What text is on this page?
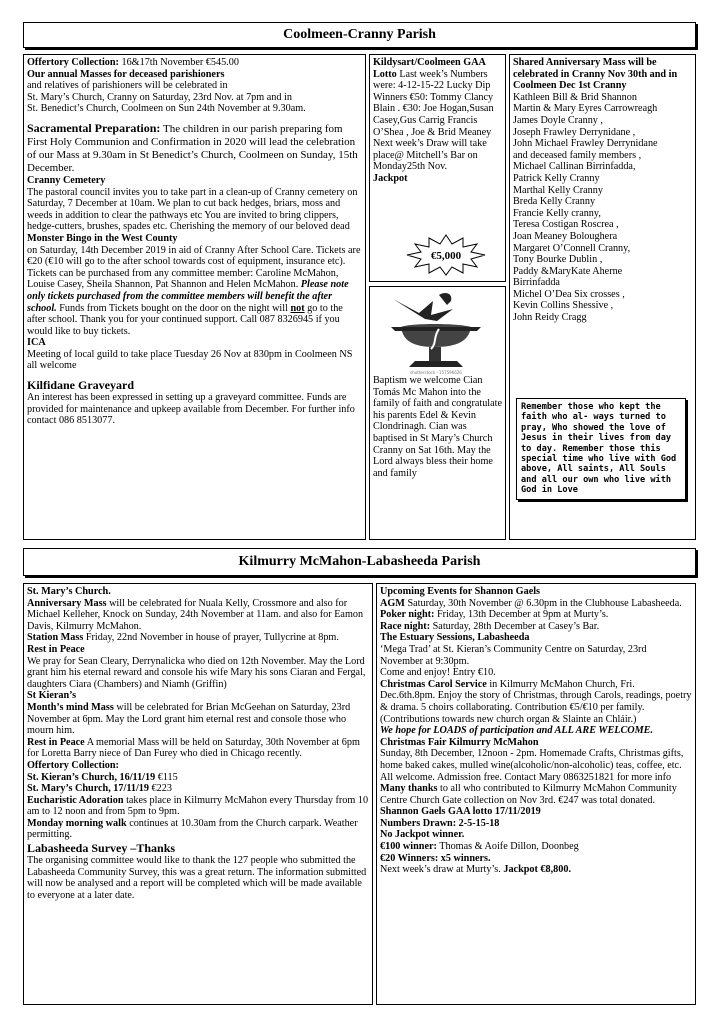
Coolmeen-Cranny Parish

Offertory Collection: 16&17th November €545.00

Our annual Masses for deceased parishioners

and relatives of parishioners will be celebrated in

St. Mary’s Church, Cranny on Saturday, 23rd Nov. at 7pm and in

St. Benedict’s Church, Coolmeen on Sun 24th November at 9.30am.

Sacramental Preparation: The children in our parish preparing fom First Holy Communion and Confirmation in 2020 will lead the celebration of our Mass at 9.30am in St Benedict’s Church, Coolmeen on Sunday, 15th December.

Cranny Cemetery

The pastoral council invites you to take part in a clean-up of Cranny cemetery on Saturday, 7 December at 10am. We plan to cut back hedges, briars, moss and weeds in addition to clear the pathways etc You are invited to bring clippers, hedge-cutters, brushes, spades etc. Cherishing the memory of our beloved dead

Monster Bingo in the West County

on Saturday, 14th December 2019 in aid of Cranny After School Care. Tickets are €20 (€10 will go to the after school towards cost of equipment, insurance etc). Tickets can be purchased from any committee member: Caroline McMahon, Louise Casey, Sheila Shannon, Pat Shannon and Helen McMahon. Please note only tickets purchased from the committee members will benefit the after school. Funds from Tickets bought on the door on the night will not go to the after school. Thank you for your continued support. Call 087 8326945 if you would like to buy tickets.

ICA

Meeting of local guild to take place Tuesday 26 Nov at 830pm in Coolmeen NS all welcome

Kilfidane Graveyard

An interest has been expressed in setting up a graveyard committee. Funds are provided for maintenance and upkeep available from December. For further info contact 086 8513077.

Kildysart/Coolmeen GAA Lotto Last week’s Numbers were: 4-12-15-22 Lucky Dip Winners €50: Tommy Clancy Blain . €30: Joe Hogan,Susan Casey,Gus Carrig Francis O’Shea , Joe & Brid Meaney Next week’s Draw will take place@ Mitchell’s Bar on Monday25th Nov.

Jackpot

€5,000
shutterstock · 157596626

Baptism we welcome Cian Tomás Mc Mahon into the family of faith and congratulate his parents Edel & Kevin Clondrinagh. Cian was baptised in St Mary’s Church Cranny on Sat 16th. May the Lord always bless their home and family

Shared Anniversary Mass will be celebrated in Cranny Nov 30th and in Coolmeen Dec 1st Cranny

Kathleen Bill & Brid Shannon

Martin & Mary Eyres Carrowreagh

James Doyle Cranny ,

Joseph Frawley Derrynidane ,

John Michael Frawley Derrynidane

and deceased family members ,

Michael Callinan Birrinfadda,

Patrick Kelly Cranny

Marthal Kelly Cranny

Breda Kelly Cranny

Francie Kelly cranny,

Teresa Costigan Roscrea ,

Joan Meaney Bolougherа

Margaret O’Connell Cranny,

Tony Bourke Dublin ,

Paddy &MaryKate Aherne

Birrinfadda

Michel O’Dea Six crosses ,

Kevin Collins Shessive ,

John Reidy Cragg

Remember those who kept the faith who al- ways turned to pray, Who showed the love of Jesus in their lives from day to day. Remember those this special time who live with God above, All saints, All Souls and all our own who live with God in Love

Kilmurry McMahon-Labasheeda Parish

St. Mary’s Church.

Anniversary Mass will be celebrated for Nuala Kelly, Crossmore and also for Michael Kelleher, Knock on Sunday, 24th November at 11am. and also for Eamon Davis, Kilmurry McMahon.

Station Mass Friday, 22nd November in house of prayer, Tullycrine at 8pm.

Rest in Peace

We pray for Sean Cleary, Derrynalicka who died on 12th November. May the Lord grant him his eternal reward and console his wife Mary his sons Ciaran and Fergal, daughters Ciara (Chambers) and Niamh (Griffin)

St Kieran’s

Month’s mind Mass will be celebrated for Brian McGeehan on Saturday, 23rd November at 6pm. May the Lord grant him eternal rest and console those who mourn him.

Rest in Peace A memorial Mass will be held on Saturday, 30th November at 6pm for Loretta Barry niece of Dan Furey who died in Chicago recently.

Offertory Collection:

St. Kieran’s Church, 16/11/19 €115

St. Mary’s Church, 17/11/19 €223

Eucharistic Adoration takes place in Kilmurry McMahon every Thursday from 10 am to 12 noon and from 5pm to 9pm.

Monday morning walk continues at 10.30am from the Church carpark. Weather permitting.

Labasheeda Survey –Thanks

The organising committee would like to thank the 127 people who submitted the Labasheeda Community Survey, this was a great return. The information submitted will now be analysed and a report will be completed which will be made available to everyone at a later date.

Upcoming Events for Shannon Gaels

AGM Saturday, 30th November @ 6.30pm in the Clubhouse Labasheeda.

Poker night: Friday, 13th December at 9pm at Murty’s.

Race night: Saturday, 28th December at Casey’s Bar.

The Estuary Sessions, Labasheeda

‘Mega Trad’ at St. Kieran’s Community Centre on Saturday, 23rd November at 9:30pm.

Come and enjoy! Entry €10.

Christmas Carol Service in Kilmurry McMahon Church, Fri. Dec.6th.8pm. Enjoy the story of Christmas, through Carols, readings, poetry & drama. 5 choirs collaborating. Contribution €5/€10 per family. (Contributions towards new church organ & Slainte an Chláir.)

We hope for LOADS of participation and ALL ARE WELCOME.

Christmas Fair Kilmurry McMahon

Sunday, 8th December, 12noon - 2pm. Homemade Crafts, Christmas gifts, home baked cakes, mulled wine(alcoholic/non-alcoholic) teas, coffee, etc. All welcome. Admission free. Contact Mary 0863251821 for more info

Many thanks to all who contributed to Kilmurry McMahon Community Centre Church Gate collection on Nov 3rd. €247 was total donated.

Shannon Gaels GAA lotto 17/11/2019

Numbers Drawn: 2-5-15-18

No Jackpot winner.

€100 winner: Thomas & Aoife Dillon, Doonbeg

€20 Winners: x5 winners.

Next week’s draw at Murty’s. Jackpot €8,800.
